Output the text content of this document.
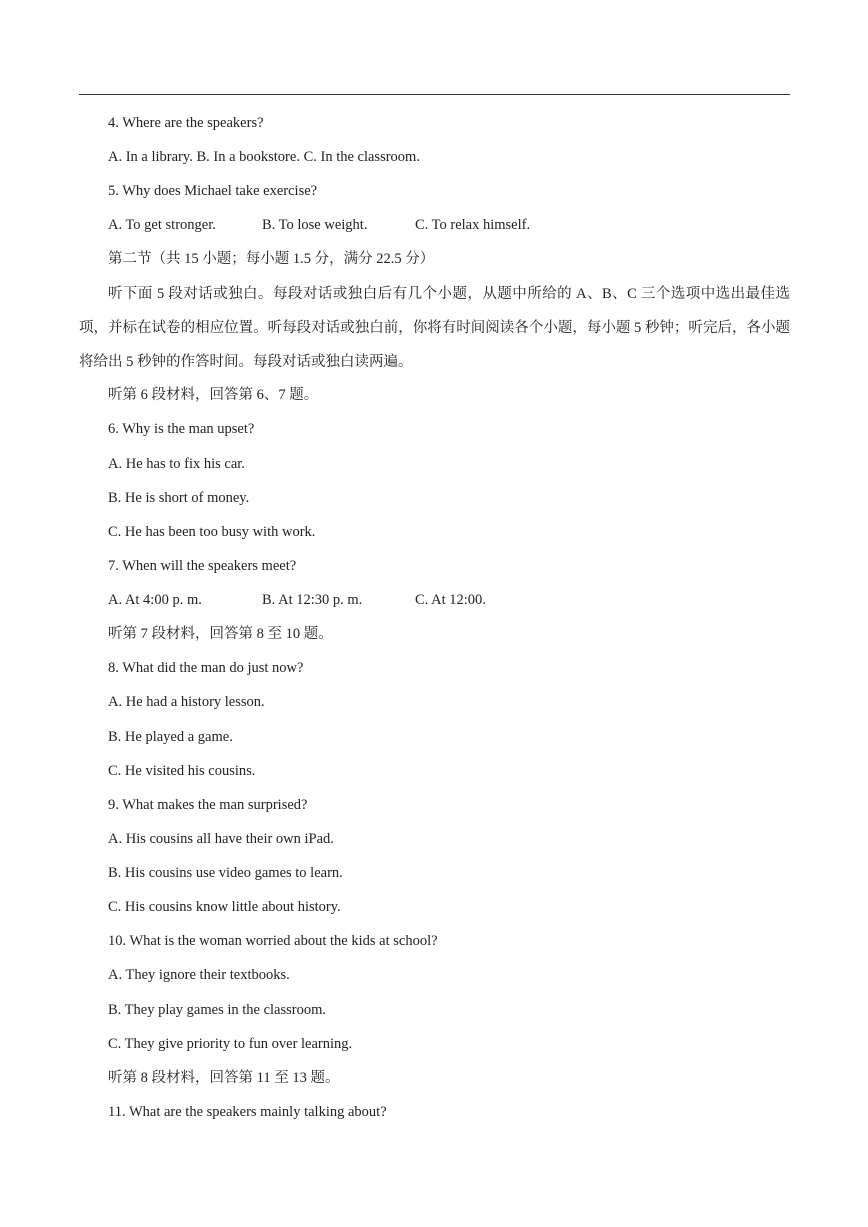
4. Where are the speakers?
A. In a library. B. In a bookstore. C. In the classroom.
5. Why does Michael take exercise?
A. To get stronger.	B. To lose weight.	C. To relax himself.
第二节（共 15 小题；每小题 1.5 分，满分 22.5 分）
听下面 5 段对话或独白。每段对话或独白后有几个小题，从题中所给的 A、B、C 三个选项中选出最佳选项，并标在试卷的相应位置。听每段对话或独白前，你将有时间阅读各个小题，每小题 5 秒钟；听完后，各小题将给出 5 秒钟的作答时间。每段对话或独白读两遍。
听第 6 段材料，回答第 6、7 题。
6. Why is the man upset?
A. He has to fix his car.
B. He is short of money.
C. He has been too busy with work.
7. When will the speakers meet?
A. At 4:00 p. m.	B. At 12:30 p. m.	C. At 12:00.
听第 7 段材料，回答第 8 至 10 题。
8. What did the man do just now?
A. He had a history lesson.
B. He played a game.
C. He visited his cousins.
9. What makes the man surprised?
A. His cousins all have their own iPad.
B. His cousins use video games to learn.
C. His cousins know little about history.
10. What is the woman worried about the kids at school?
A. They ignore their textbooks.
B. They play games in the classroom.
C. They give priority to fun over learning.
听第 8 段材料，回答第 11 至 13 题。
11. What are the speakers mainly talking about?
